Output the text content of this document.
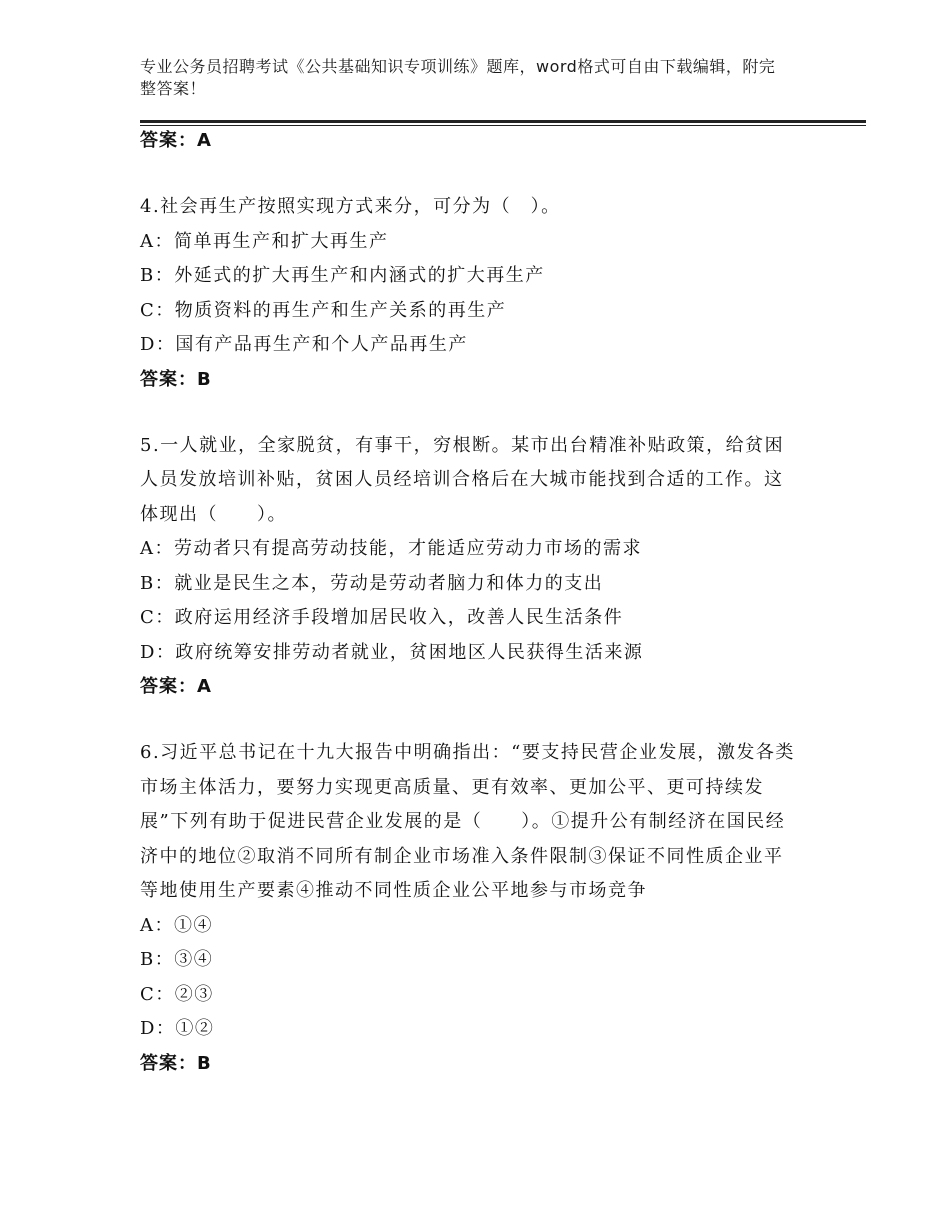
专业公务员招聘考试《公共基础知识专项训练》题库，word格式可自由下载编辑，附完整答案！
答案：A
4.社会再生产按照实现方式来分，可分为（　）。
A：简单再生产和扩大再生产
B：外延式的扩大再生产和内涵式的扩大再生产
C：物质资料的再生产和生产关系的再生产
D：国有产品再生产和个人产品再生产
答案：B
5.一人就业，全家脱贫，有事干，穷根断。某市出台精准补贴政策，给贫困人员发放培训补贴，贫困人员经培训合格后在大城市能找到合适的工作。这体现出（　　）。
A：劳动者只有提高劳动技能，才能适应劳动力市场的需求
B：就业是民生之本，劳动是劳动者脑力和体力的支出
C：政府运用经济手段增加居民收入，改善人民生活条件
D：政府统筹安排劳动者就业，贫困地区人民获得生活来源
答案：A
6.习近平总书记在十九大报告中明确指出：“要支持民营企业发展，激发各类市场主体活力，要努力实现更高质量、更有效率、更加公平、更可持续发展”下列有助于促进民营企业发展的是（　　）。①提升公有制经济在国民经济中的地位②取消不同所有制企业市场准入条件限制③保证不同性质企业平等地使用生产要素④推动不同性质企业公平地参与市场竞争
A：①④
B：③④
C：②③
D：①②
答案：B
